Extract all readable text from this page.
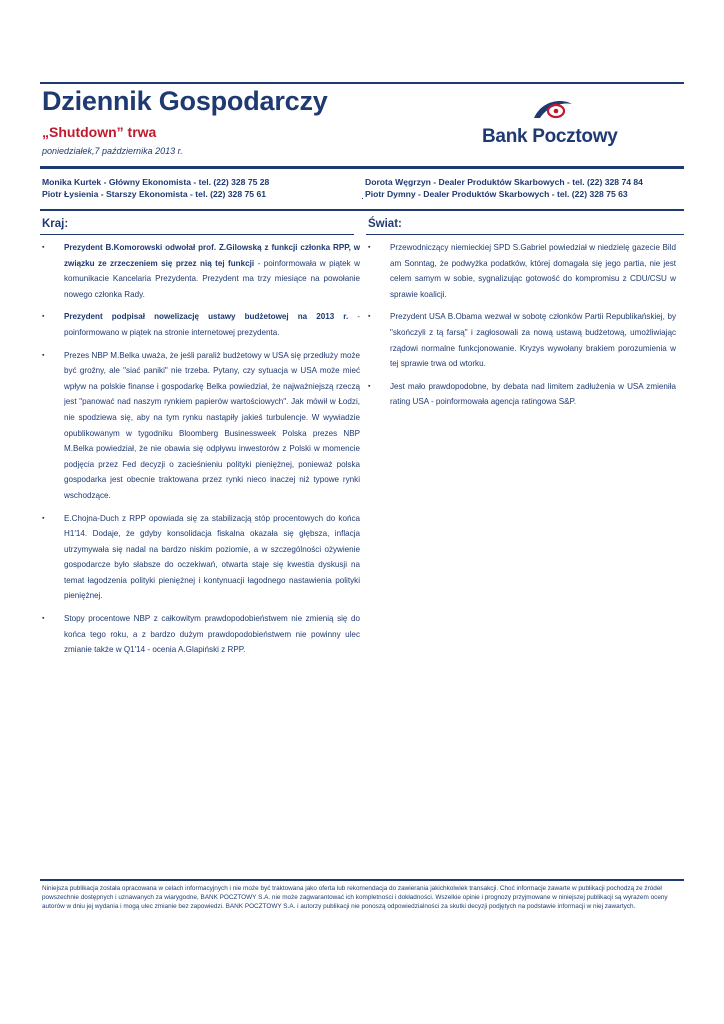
Dziennik Gospodarczy
„Shutdown” trwa
poniedziałek,7 października 2013 r.
Bank Pocztowy
Monika Kurtek - Główny Ekonomista - tel. (22) 328 75 28
Piotr Łysienia - Starszy Ekonomista - tel. (22) 328 75 61
Dorota Węgrzyn - Dealer Produktów Skarbowych - tel. (22) 328 74 84
Piotr Dymny - Dealer Produktów Skarbowych - tel. (22) 328 75 63
Kraj:	Świat:
▪ Prezydent B.Komorowski odwołał prof. Z.Gilowską z funkcji członka RPP, w związku ze zrzeczeniem się przez nią tej funkcji - poinformowała w piątek w komunikacie Kancelaria Prezydenta. Prezydent ma trzy miesiące na powołanie nowego członka Rady.
▪ Prezydent podpisał nowelizację ustawy budżetowej na 2013 r. - poinformowano w piątek na stronie internetowej prezydenta.
▪ Prezes NBP M.Belka uważa, że jeśli paraliż budżetowy w USA się przedłuży może być groźny, ale "siać paniki" nie trzeba. Pytany, czy sytuacja w USA może mieć wpływ na polskie finanse i gospodarkę Belka powiedział, że najważniejszą rzeczą jest "panować nad naszym rynkiem papierów wartościowych". Jak mówił w Łodzi, nie spodziewa się, aby na tym rynku nastąpiły jakieś turbulencje. W wywiadzie opublikowanym w tygodniku Bloomberg Businessweek Polska prezes NBP M.Belka powiedział, że nie obawia się odpływu inwestorów z Polski w momencie podjęcia przez Fed decyzji o zacieśnieniu polityki pieniężnej, ponieważ polska gospodarka jest obecnie traktowana przez rynki nieco inaczej niż typowe rynki wschodzące.
▪ E.Chojna-Duch z RPP opowiada się za stabilizacją stóp procentowych do końca H1'14. Dodaje, że gdyby konsolidacja fiskalna okazała się głębsza, inflacja utrzymywała się nadal na bardzo niskim poziomie, a w szczególności ożywienie gospodarcze było słabsze do oczekiwań, otwarta staje się kwestia dyskusji na temat łagodzenia polityki pieniężnej i kontynuacji łagodnego nastawienia polityki pieniężnej.
▪ Stopy procentowe NBP z całkowitym prawdopodobieństwem nie zmienią się do końca tego roku, a z bardzo dużym prawdopodobieństwem nie powinny ulec zmianie także w Q1'14 - ocenia A.Glapiński z RPP.
▪ Przewodniczący niemieckiej SPD S.Gabriel powiedział w niedzielę gazecie Bild am Sonntag, że podwyżka podatków, której domagała się jego partia, nie jest celem samym w sobie, sygnalizując gotowość do kompromisu z CDU/CSU w sprawie koalicji.
▪ Prezydent USA B.Obama wezwał w sobotę członków Partii Republikańskiej, by "skończyli z tą farsą" i zagłosowali za nową ustawą budżetową, umożliwiając rządowi normalne funkcjonowanie. Kryzys wywołany brakiem porozumienia w tej sprawie trwa od wtorku.
▪ Jest mało prawdopodobne, by debata nad limitem zadłużenia w USA zmieniła rating USA - poinformowała agencja ratingowa S&P.
Niniejsza publikacja została opracowana w celach informacyjnych i nie może być traktowana jako oferta lub rekomendacja do zawierania jakichkolwiek transakcji. Choć informacje zawarte w publikacji pochodzą ze źródeł powszechnie dostępnych i uznawanych za wiarygodne, BANK POCZTOWY S.A. nie może zagwarantować ich kompletności i dokładności. Wszelkie opinie i prognozy przyjmowane w niniejszej publikacji są wyrazem oceny autorów w dniu jej wydania i mogą ulec zmianie bez zapowiedzi. BANK POCZTOWY S.A. i autorzy publikacji nie ponoszą odpowiedzialności za skutki decyzji podjętych na podstawie informacji w niej zawartych.
